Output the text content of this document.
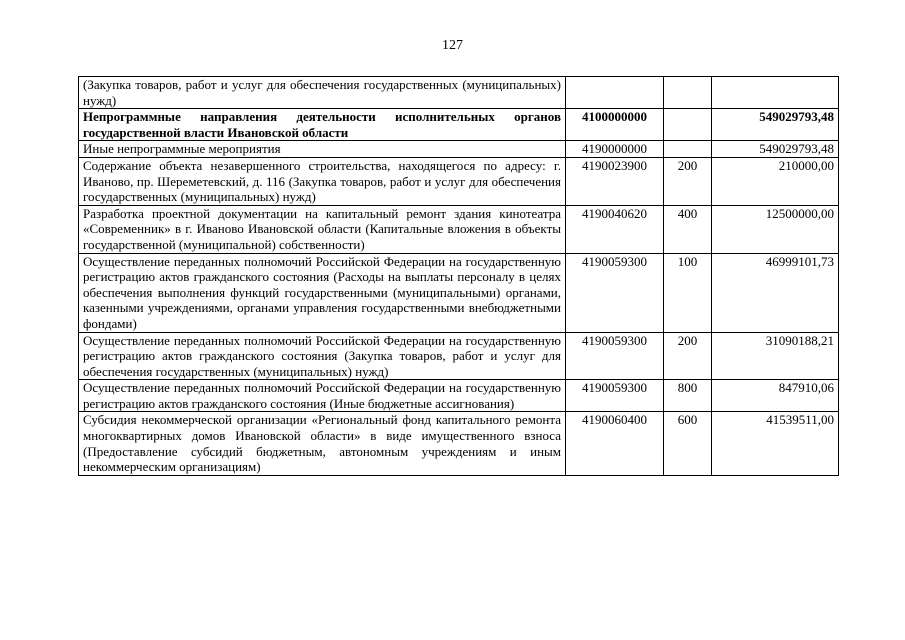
127
(Закупка товаров, работ и услуг для обеспечения государственных (муниципальных) нужд)			
Непрограммные направления деятельности исполнительных органов государственной власти Ивановской области	4100000000		549029793,48
Иные непрограммные мероприятия	4190000000		549029793,48
Содержание объекта незавершенного строительства, находящегося по адресу: г. Иваново, пр. Шереметевский, д. 116 (Закупка товаров, работ и услуг для обеспечения государственных (муниципальных) нужд)	4190023900	200	210000,00
Разработка проектной документации на капитальный ремонт здания кинотеатра «Современник» в г. Иваново Ивановской области (Капитальные вложения в объекты государственной (муниципальной) собственности)	4190040620	400	12500000,00
Осуществление переданных полномочий Российской Федерации на государственную регистрацию актов гражданского состояния (Расходы на выплаты персоналу в целях обеспечения выполнения функций государственными (муниципальными) органами, казенными учреждениями, органами управления государственными внебюджетными фондами)	4190059300	100	46999101,73
Осуществление переданных полномочий Российской Федерации на государственную регистрацию актов гражданского состояния (Закупка товаров, работ и услуг для обеспечения государственных (муниципальных) нужд)	4190059300	200	31090188,21
Осуществление переданных полномочий Российской Федерации на государственную регистрацию актов гражданского состояния (Иные бюджетные ассигнования)	4190059300	800	847910,06
Субсидия некоммерческой организации «Региональный фонд капитального ремонта многоквартирных домов Ивановской области» в виде имущественного взноса (Предоставление субсидий бюджетным, автономным учреждениям и иным некоммерческим организациям)	4190060400	600	41539511,00
